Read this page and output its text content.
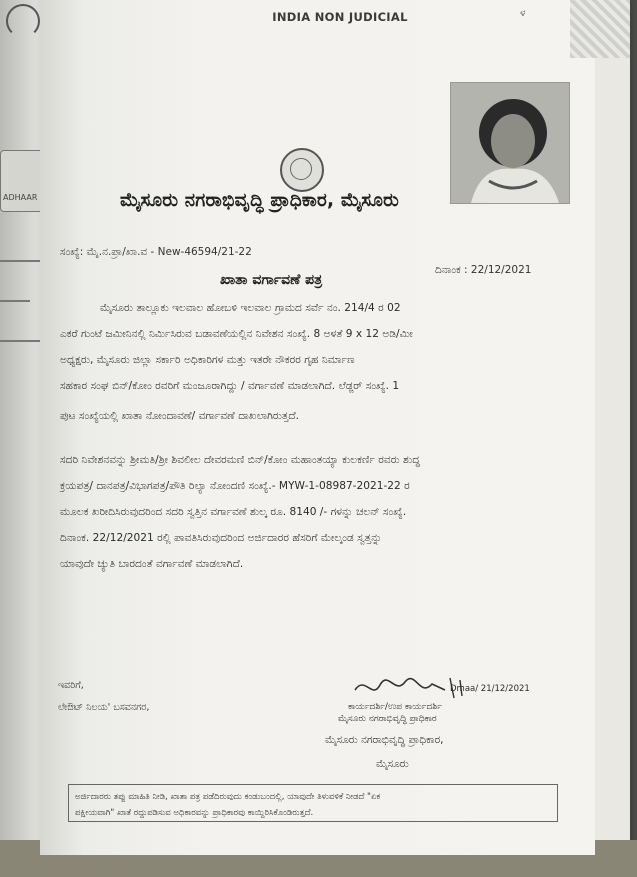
ADHAAR
INDIA NON JUDICIAL	ಳ
ಮೈಸೂರು ನಗರಾಭಿವೃದ್ಧಿ ಪ್ರಾಧಿಕಾರ, ಮೈಸೂರು
ಸಂಖ್ಯೆ: ಮೈ.ನ.ಪ್ರಾ/ಖಾ.ವ - New-46594/21-22
ದಿನಾಂಕ : 22/12/2021
ಖಾತಾ ವರ್ಗಾವಣೆ ಪತ್ರ
ಮೈಸೂರು ತಾಲ್ಲೂಕು ಇಲವಾಲ ಹೋಬಳಿ ಇಲವಾಲ ಗ್ರಾಮದ ಸರ್ವೆ ನಂ. 214/4 ರ 02
ಎಕರೆ ಗುಂಟೆ ಜಮೀನಿನಲ್ಲಿ ನಿರ್ಮಿಸಿರುವ ಬಡಾವಣೆಯಲ್ಲಿನ ನಿವೇಶನ ಸಂಖ್ಯೆ. 8 ಅಳತೆ 9 x 12 ಅಡಿ/ಮೀ
ಅಧ್ಯಕ್ಷರು, ಮೈಸೂರು ಜಿಲ್ಲಾ ಸರ್ಕಾರಿ ಅಧಿಕಾರಿಗಳ ಮತ್ತು ಇತರೇ ನೌಕರರ ಗೃಹ ನಿರ್ಮಾಣ
ಸಹಕಾರ ಸಂಘ ಬಿನ್/ಕೋಂ ರವರಿಗೆ ಮಂಜೂರಾಗಿದ್ದು / ವರ್ಗಾವಣೆ ಮಾಡಲಾಗಿದೆ. ಲೆಡ್ಜರ್ ಸಂಖ್ಯೆ. 1
ಪುಟ ಸಂಖ್ಯೆಯಲ್ಲಿ ಖಾತಾ ನೋಂದಾವಣೆ/ ವರ್ಗಾವಣೆ ದಾಖಲಾಗಿರುತ್ತದೆ.
ಸದರಿ ನಿವೇಶನವನ್ನು ಶ್ರೀಮತಿ/ಶ್ರೀ ಶಿವಲೀಲ ದೇವರಮಣಿ ಬಿನ್/ಕೋಂ ಮಹಾಂತಯ್ಯಾ ಕುಲಕರ್ಣಿ ರವರು ಶುದ್ಧ
ಕ್ರಯಪತ್ರ/ ದಾನಪತ್ರ/ವಿಭಾಗಪತ್ರ/ಪೌತಿ ರಿಲ್ಯಾ ನೋಂದಣಿ ಸಂಖ್ಯೆ.- MYW-1-08987-2021-22 ರ
ಮೂಲಕ ಖರೀದಿಸಿರುವುದರಿಂದ ಸದರಿ ಸ್ವತ್ತಿನ ವರ್ಗಾವಣೆ ಶುಲ್ಕ ರೂ. 8140 /- ಗಳನ್ನು ಚಲನ್ ಸಂಖ್ಯೆ.
ದಿನಾಂಕ. 22/12/2021 ರಲ್ಲಿ ಪಾವತಿಸಿರುವುದರಿಂದ ಅರ್ಜಿದಾರರ ಹೆಸರಿಗೆ ಮೇಲ್ಕಂಡ ಸ್ವತ್ತನ್ನು
ಯಾವುದೇ ಚ್ಯುತಿ ಬಾರದಂತೆ ವರ್ಗಾವಣೆ ಮಾಡಲಾಗಿದೆ.
ಇವರಿಗೆ,
ಲೇಔಟ್ ನಿಲಯ' ಬಸವನಗರ,
Dmaa/ 21/12/2021
ಕಾರ್ಯದರ್ಶಿ/ಉಪ ಕಾರ್ಯದರ್ಶಿ
ಮೈಸೂರು ನಗರಾಭಿವೃದ್ಧಿ ಪ್ರಾಧಿಕಾರ
ಮೈಸೂರು ನಗರಾಭಿವೃದ್ಧಿ ಪ್ರಾಧಿಕಾರ,
ಮೈಸೂರು
ಅರ್ಜಿದಾರರು ತಪ್ಪು ಮಾಹಿತಿ ನೀಡಿ, ಖಾತಾ ಪತ್ರ ಪಡೆದಿರುವುದು ಕಂಡುಬಂದಲ್ಲಿ, ಯಾವುದೇ ತಿಳುವಳಿಕೆ ನೀಡದೆ "ಏಕ
ಪಕ್ಷೀಯವಾಗಿ" ಖಾತೆ ರದ್ದುಪಡಿಸುವ ಅಧಿಕಾರವನ್ನು ಪ್ರಾಧಿಕಾರವು ಕಾಯ್ದಿರಿಸಿಕೊಂಡಿರುತ್ತದೆ.
